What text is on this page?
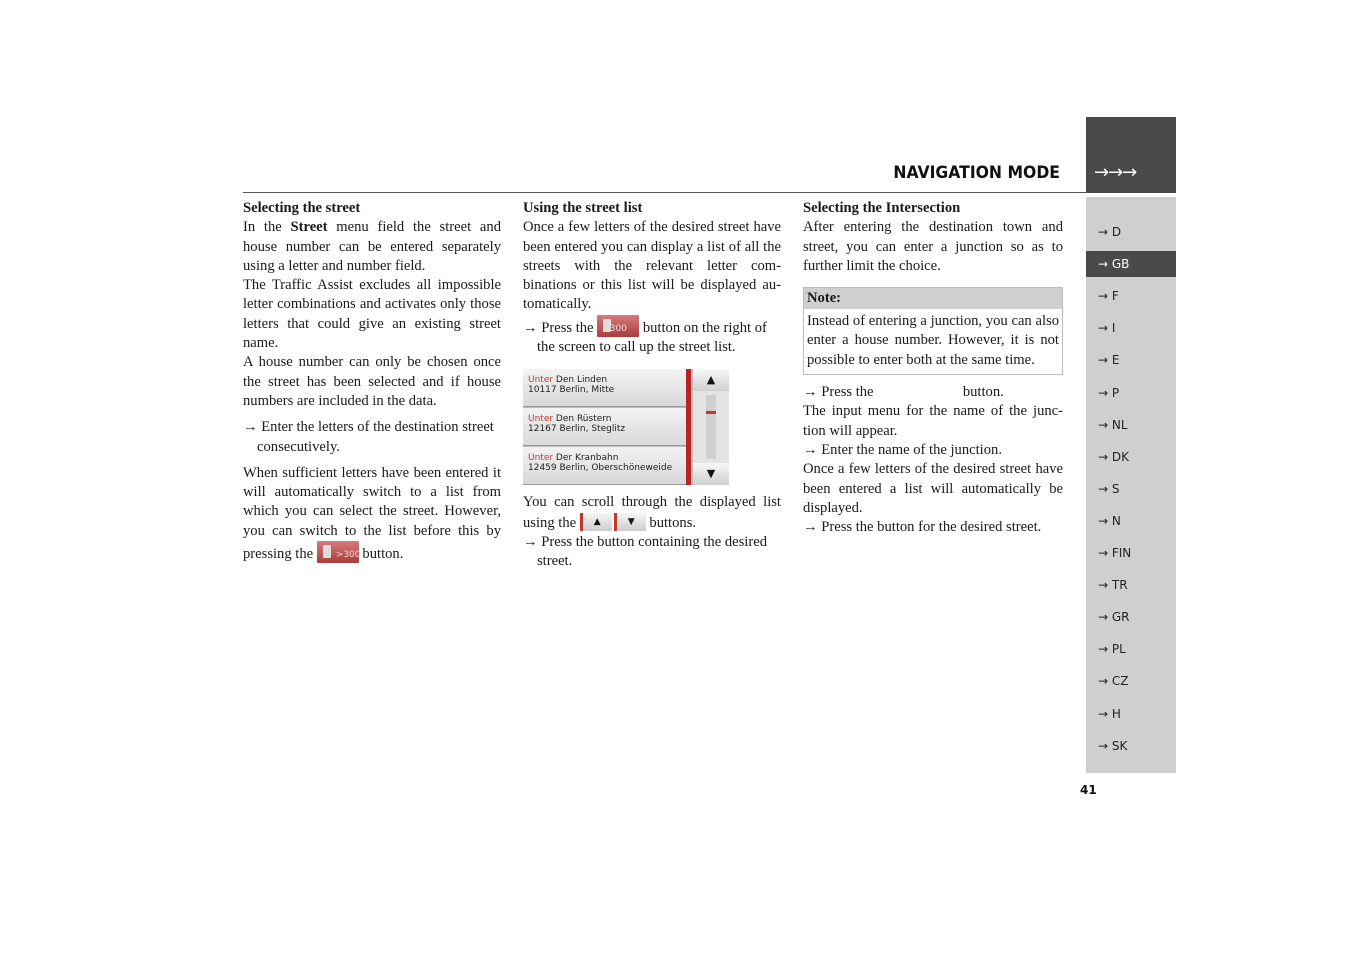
NAVIGATION MODE →→→
→ D
→ GB
→ F
→ I
→ E
→ P
→ NL
→ DK
→ S
→ N
→ FIN
→ TR
→ GR
→ PL
→ CZ
→ H
→ SK
41
Selecting the street

In the Street menu field the street and house number can be entered separately using a letter and number field.

The Traffic Assist excludes all impossible letter combinations and activates only those letters that could give an existing street name.

A house number can only be chosen once the street has been selected and if house numbers are included in the data.

→ Enter the letters of the destination street consecutively.

When sufficient letters have been entered it will automatically switch to a list from which you can select the street. However, you can switch to the list before this by pressing the	>300
button.

Using the street list

Once a few letters of the desired street have been entered you can display a list of all the streets with the relevant letter com-binations or this list will be displayed au-tomatically.

→ Press the >300 button on the right of the screen to call up the street list.

Unter Den Linden
10117 Berlin, Mitte
Unter Den Rüstern
12167 Berlin, Steglitz
Unter Der Kranbahn
12459 Berlin, Oberschöneweide
▲
▼

You can scroll through the displayed list using the	▲	▼ buttons.

→ Press the button containing the desired street.

Selecting the Intersection

After entering the destination town and street, you can enter a junction so as to further limit the choice.

Note:
Instead of entering a junction, you can also enter a house number. However, it is not possible to enter both at the same time.

→ Press the	button.

The input menu for the name of the junc-tion will appear.

→ Enter the name of the junction.

Once a few letters of the desired street have been entered a list will automatically be displayed.

→ Press the button for the desired street.
